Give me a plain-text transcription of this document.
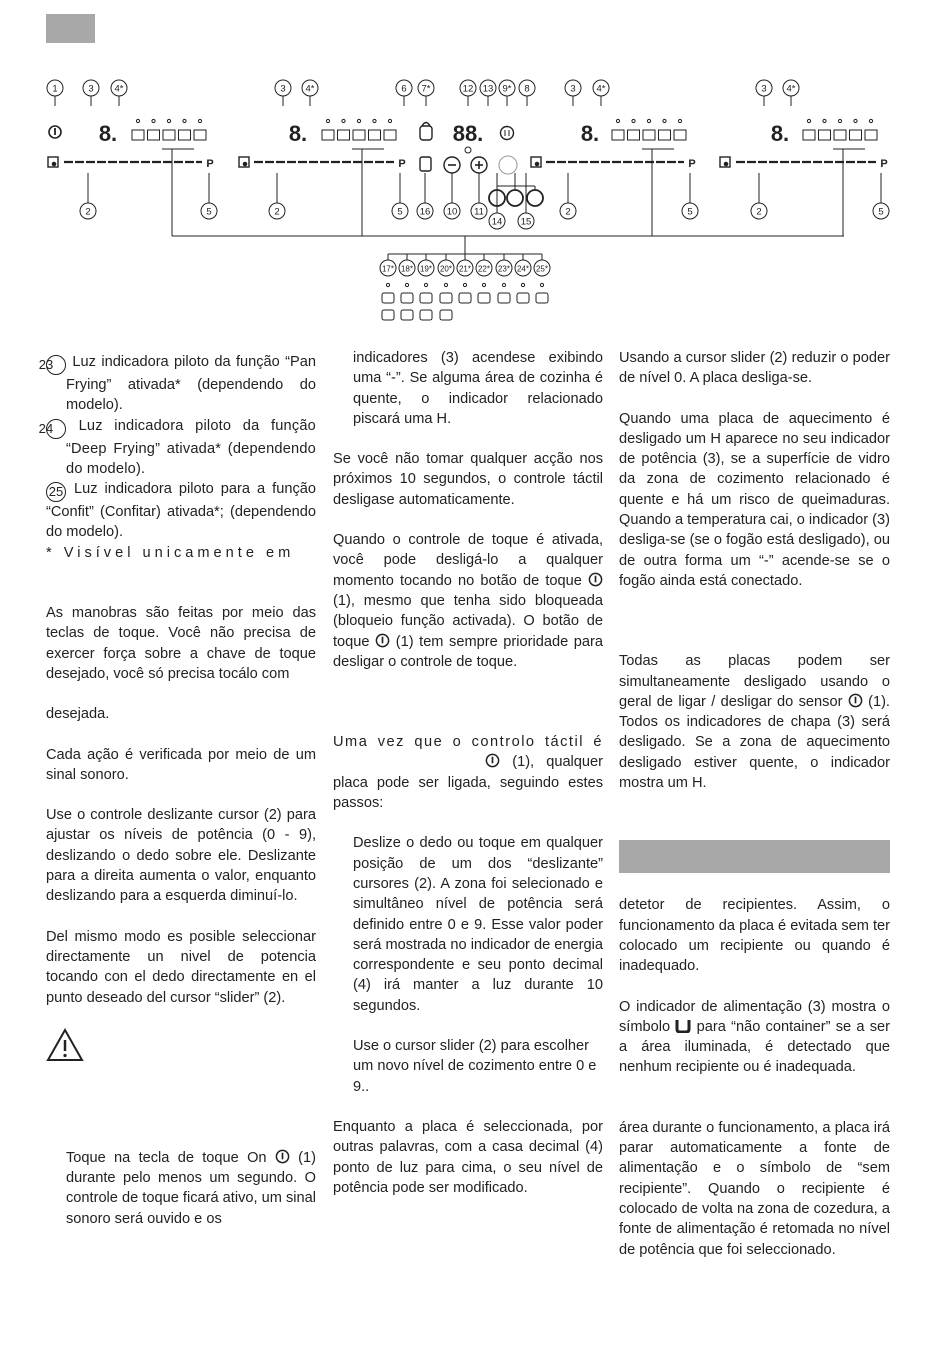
1	3 4*	3 4*	6 7*	12 13 9* 8	3 4*	3 4*
8.
P
8.
P
8.
P
8.
P
88.
2	5	2	5 16 10 11
14 15
2	5	2	5
17* 18* 19* 20* 21* 22* 23* 24* 25*

23 Luz indicadora piloto da função “Pan Frying” ativada* (dependendo do modelo).

24 Luz indicadora piloto da função “Deep Frying” ativada* (dependendo do modelo).

25 Luz indicadora piloto para a função “Confit” (Confitar) ativada*; (dependendo do modelo).

* Visível unicamente em

As manobras são feitas por meio das teclas de toque. Você não precisa de exercer força sobre a chave de toque desejado, você só precisa tocálo com

desejada.

Cada ação é verificada por meio de um sinal sonoro.

Use o controle deslizante cursor (2) para ajustar os níveis de potência (0 - 9), deslizando o dedo sobre ele. Deslizante para a direita aumenta o valor, enquanto deslizando para a esquerda diminuí-lo.

Del mismo modo es posible seleccionar directamente un nivel de potencia tocando con el dedo directamente en el punto deseado del cursor “slider” (2).

Toque na tecla de toque On (1) durante pelo menos um segundo. O controle de toque ficará ativo, um sinal sonoro será ouvido e os

indicadores (3) acendese exibindo uma “-”. Se alguma área de cozinha é quente, o indicador relacionado piscará uma H.

Se você não tomar qualquer acção nos próximos 10 segundos, o controle táctil desligase automaticamente.

Quando o controle de toque é ativada, você pode desligá-lo a qualquer momento tocando no botão de toque  (1), mesmo que tenha sido bloqueada (bloqueio função activada). O botão de toque (1) tem sempre prioridade para desligar o controle de toque.

Uma vez que o controlo táctil é   (1), qualquer placa pode ser ligada, seguindo estes passos:

Deslize o dedo ou toque em qualquer posição de um dos “deslizante” cursores (2). A zona foi selecionado e simultâneo nível de potência será definido entre 0 e 9. Esse valor poder será mostrada no indicador de energia correspondente e seu ponto decimal (4) irá manter a luz durante 10 segundos.

Use o cursor slider (2) para escolher um novo nível de cozimento entre 0 e 9..

Enquanto a placa é seleccionada, por outras palavras, com a casa decimal (4) ponto de luz para cima, o seu nível de potência pode ser modificado.

Usando a cursor slider (2) reduzir o poder de nível 0. A placa desliga-se.

Quando uma placa de aquecimento é desligado um H aparece no seu indicador de potência (3), se a superfície de vidro da zona de cozimento relacionado é quente e há um risco de queimaduras. Quando a temperatura cai, o indicador (3) desliga-se (se o fogão está desligado), ou de outra forma um “-” acende-se se o fogão ainda está conectado.

Todas as placas podem ser simultaneamente desligado usando o geral de ligar / desligar do sensor (1). Todos os indicadores de chapa (3) será desligado. Se a zona de aquecimento desligado estiver quente, o indicador mostra um H.

detetor de recipientes. Assim, o funcionamento da placa é evitada sem ter colocado um recipiente ou quando é inadequado.

O indicador de alimentação (3) mostra o símbolo para “não container” se a ser a área iluminada, é detectado que nenhum recipiente ou é inadequada.

área durante o funcionamento, a placa irá parar automaticamente a fonte de alimentação e o símbolo de “sem recipiente”. Quando o recipiente é colocado de volta na zona de cozedura, a fonte de alimentação é retomada no nível de potência que foi seleccionado.
